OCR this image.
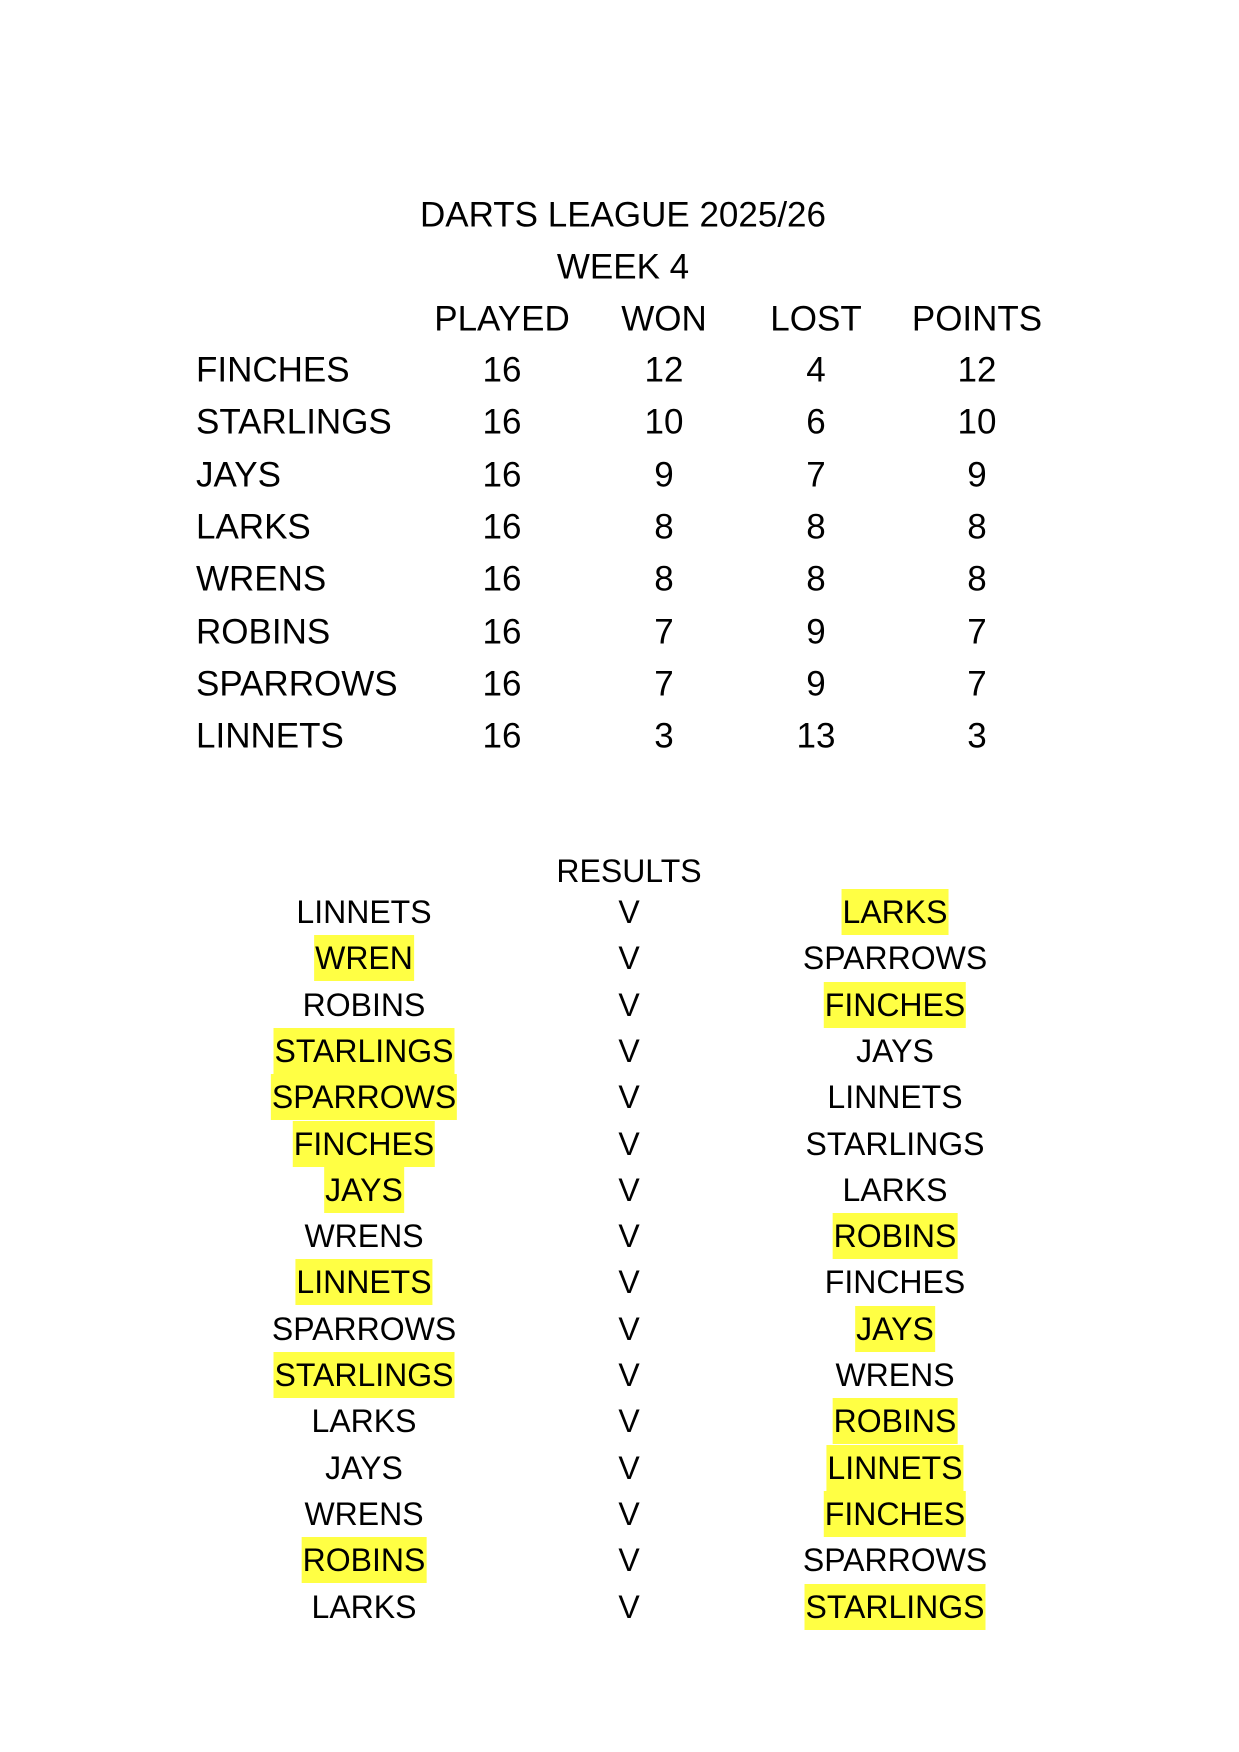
DARTS LEAGUE 2025/26
WEEK 4
PLAYED WON LOST POINTS
FINCHES	16	12	4	12
STARLINGS	16	10	6	10
JAYS	16	9	7	9
LARKS	16	8	8	8
WRENS	16	8	8	8
ROBINS	16	7	9	7
SPARROWS 16	7	9	7
LINNETS	16	3	13	3
RESULTS
LINNETS	V	LARKS
WREN	V	SPARROWS
ROBINS	V	FINCHES
STARLINGS	V	JAYS
SPARROWS	V	LINNETS
FINCHES	V	STARLINGS
JAYS	V	LARKS
WRENS	V	ROBINS
LINNETS	V	FINCHES
SPARROWS	V	JAYS
STARLINGS	V	WRENS
LARKS	V	ROBINS
JAYS	V	LINNETS
WRENS	V	FINCHES
ROBINS	V	SPARROWS
LARKS	V	STARLINGS
